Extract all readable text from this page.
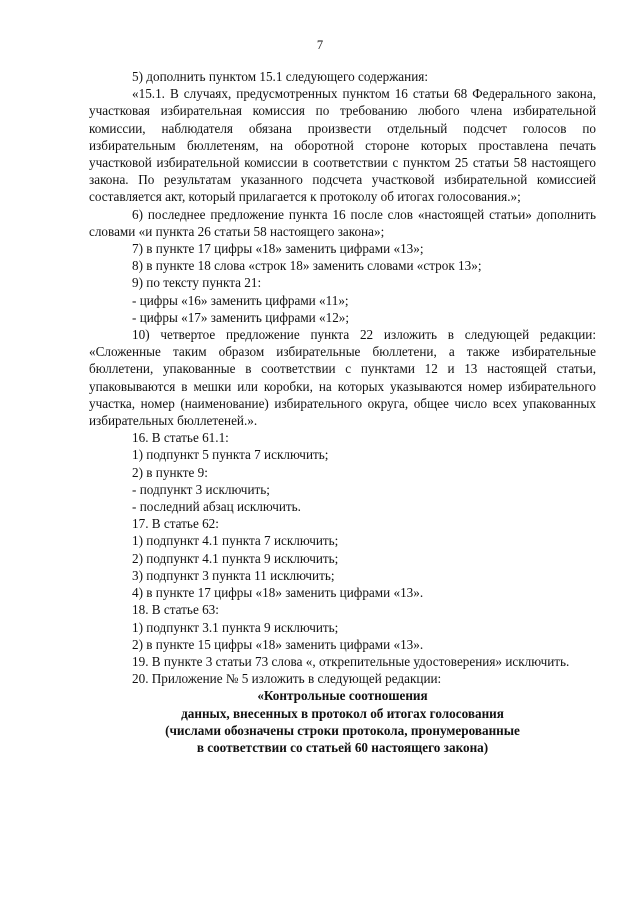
7

5) дополнить пунктом 15.1 следующего содержания:

«15.1. В случаях, предусмотренных пунктом 16 статьи 68 Федерального закона, участковая избирательная комиссия по требованию любого члена избирательной комиссии, наблюдателя обязана произвести отдельный подсчет голосов по избирательным бюллетеням, на оборотной стороне которых проставлена печать участковой избирательной комиссии в соответствии с пунктом 25 статьи 58 настоящего закона. По результатам указанного подсчета участковой избирательной комиссией составляется акт, который прилагается к протоколу об итогах голосования.»;

6) последнее предложение пункта 16 после слов «настоящей статьи» дополнить словами «и пункта 26 статьи 58 настоящего закона»;

7) в пункте 17 цифры «18» заменить цифрами «13»;

8) в пункте 18 слова «строк 18» заменить словами «строк 13»;

9) по тексту пункта 21:

- цифры «16» заменить цифрами «11»;

- цифры «17» заменить цифрами «12»;

10) четвертое предложение пункта 22 изложить в следующей редакции: «Сложенные таким образом избирательные бюллетени, а также избирательные бюллетени, упакованные в соответствии с пунктами 12 и 13 настоящей статьи, упаковываются в мешки или коробки, на которых указываются номер избирательного участка, номер (наименование) избирательного округа, общее число всех упакованных избирательных бюллетеней.».

16. В статье 61.1:

1) подпункт 5 пункта 7 исключить;

2) в пункте 9:

- подпункт 3 исключить;

- последний абзац исключить.

17. В статье 62:

1) подпункт 4.1 пункта 7 исключить;

2) подпункт 4.1 пункта 9 исключить;

3) подпункт 3 пункта 11 исключить;

4) в пункте 17 цифры «18» заменить цифрами «13».

18. В статье 63:

1) подпункт 3.1 пункта 9 исключить;

2) в пункте 15 цифры «18» заменить цифрами «13».

19. В пункте 3 статьи 73 слова «, открепительные удостоверения» исключить.

20. Приложение № 5 изложить в следующей редакции:

«Контрольные соотношения

данных, внесенных в протокол об итогах голосования

(числами обозначены строки протокола, пронумерованные

в соответствии со статьей 60 настоящего закона)
